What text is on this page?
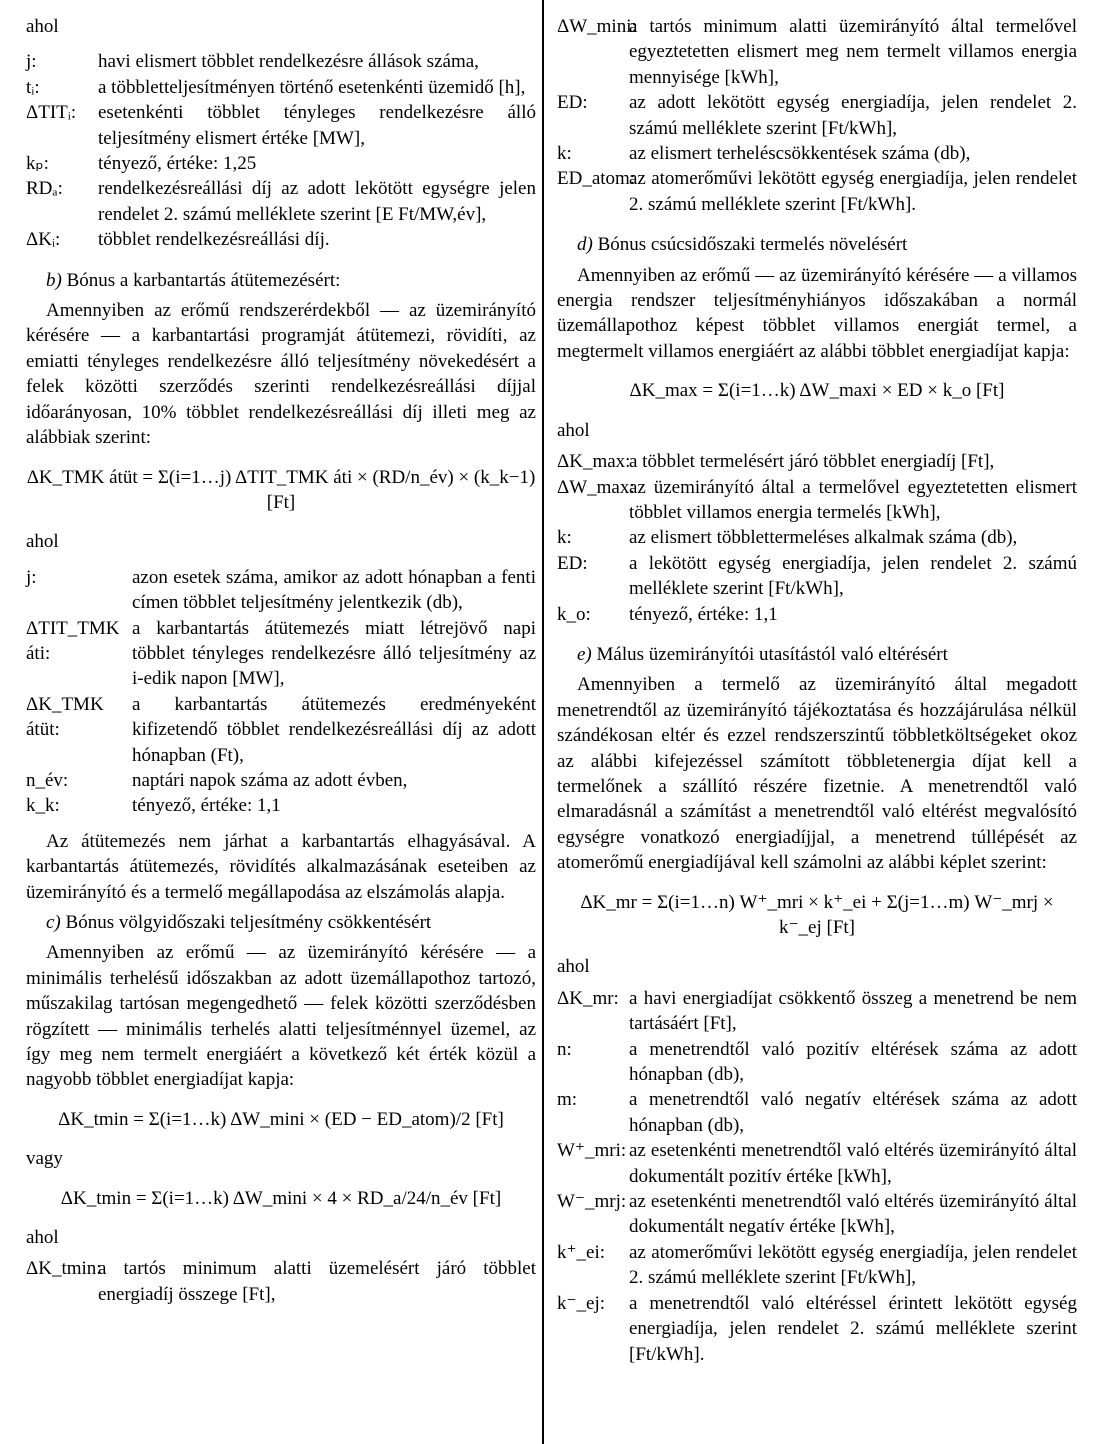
ahol

j:	havi elismert többlet rendelkezésre állások száma,
tᵢ:	a többletteljesítményen történő esetenkénti üzemidő [h],
ΔTITᵢ:	esetenkénti többlet tényleges rendelkezésre álló teljesítmény elismert értéke [MW],
kₚ:	tényező, értéke: 1,25
RDₐ:	rendelkezésreállási díj az adott lekötött egységre jelen rendelet 2. számú melléklete szerint [E Ft/MW,év],
ΔKᵢ:	többlet rendelkezésreállási díj.

b) Bónus a karbantartás átütemezésért:

Amennyiben az erőmű rendszerérdekből — az üzemirányító kérésére — a karbantartási programját átütemezi, rövidíti, az emiatti tényleges rendelkezésre álló teljesítmény növekedésért a felek közötti szerződés szerinti rendelkezésreállási díjjal időarányosan, 10% többlet rendelkezésreállási díj illeti meg az alábbiak szerint:

ΔK_TMK átüt = Σ(i=1…j) ΔTIT_TMK áti × (RD/n_év) × (k_k−1) [Ft]

ahol

j:	azon esetek száma, amikor az adott hónapban a fenti címen többlet teljesítmény jelentkezik (db),
ΔTIT_TMK áti:
a karbantartás átütemezés miatt létrejövő napi többlet tényleges rendelkezésre álló teljesítmény az i-edik napon [MW],
ΔK_TMK átüt:
a karbantartás átütemezés eredményeként kifizetendő többlet rendelkezésreállási díj az adott hónapban (Ft),
n_év:	naptári napok száma az adott évben,
k_k:	tényező, értéke: 1,1

Az átütemezés nem járhat a karbantartás elhagyásával. A karbantartás átütemezés, rövidítés alkalmazásának eseteiben az üzemirányító és a termelő megállapodása az elszámolás alapja.

c) Bónus völgyidőszaki teljesítmény csökkentésért

Amennyiben az erőmű — az üzemirányító kérésére — a minimális terhelésű időszakban az adott üzemállapothoz tartozó, műszakilag tartósan megengedhető — felek közötti szerződésben rögzített — minimális terhelés alatti teljesítménnyel üzemel, az így meg nem termelt energiáért a következő két érték közül a nagyobb többlet energiadíjat kapja:

ΔK_tmin = Σ(i=1…k) ΔW_mini × (ED − ED_atom)/2 [Ft]

vagy

ΔK_tmin = Σ(i=1…k) ΔW_mini × 4 × RD_a/24/n_év [Ft]

ahol

ΔK_tmin:
a tartós minimum alatti üzemelésért járó többlet energiadíj összege [Ft],
ΔW_mini:
a tartós minimum alatti üzemirányító által termelővel egyeztetetten elismert meg nem termelt villamos energia mennyisége [kWh],
ED:	az adott lekötött egység energiadíja, jelen rendelet 2. számú melléklete szerint [Ft/kWh],
k:	az elismert terheléscsökkentések száma (db),
ED_atom:
az atomerőművi lekötött egység energiadíja, jelen rendelet 2. számú melléklete szerint [Ft/kWh].

d) Bónus csúcsidőszaki termelés növelésért

Amennyiben az erőmű — az üzemirányító kérésére — a villamos energia rendszer teljesítményhiányos időszakában a normál üzemállapothoz képest többlet villamos energiát termel, a megtermelt villamos energiáért az alábbi többlet energiadíjat kapja:

ΔK_max = Σ(i=1…k) ΔW_maxi × ED × k_o [Ft]

ahol

ΔK_max:
a többlet termelésért járó többlet energiadíj [Ft],
ΔW_max:
az üzemirányító által a termelővel egyeztetetten elismert többlet villamos energia termelés [kWh],
k:	az elismert többlettermeléses alkalmak száma (db),
ED:	a lekötött egység energiadíja, jelen rendelet 2. számú melléklete szerint [Ft/kWh],
k_o:	tényező, értéke: 1,1

e) Málus üzemirányítói utasítástól való eltérésért

Amennyiben a termelő az üzemirányító által megadott menetrendtől az üzemirányító tájékoztatása és hozzájárulása nélkül szándékosan eltér és ezzel rendszerszintű többletköltségeket okoz az alábbi kifejezéssel számított többletenergia díjat kell a termelőnek a szállító részére fizetnie. A menetrendtől való elmaradásnál a számítást a menetrendtől való eltérést megvalósító egységre vonatkozó energiadíjjal, a menetrend túllépését az atomerőmű energiadíjával kell számolni az alábbi képlet szerint:

ΔK_mr = Σ(i=1…n) W⁺_mri × k⁺_ei + Σ(j=1…m) W⁻_mrj × k⁻_ej [Ft]

ahol

ΔK_mr: a havi energiadíjat csökkentő összeg a menetrend be nem tartásáért [Ft],
n:	a menetrendtől való pozitív eltérések száma az adott hónapban (db),
m:	a menetrendtől való negatív eltérések száma az adott hónapban (db),
W⁺_mri: az esetenkénti menetrendtől való eltérés üzemirányító által dokumentált pozitív értéke [kWh],
W⁻_mrj: az esetenkénti menetrendtől való eltérés üzemirányító által dokumentált negatív értéke [kWh],
k⁺_ei:	az atomerőművi lekötött egység energiadíja, jelen rendelet 2. számú melléklete szerint [Ft/kWh],
k⁻_ej:	a menetrendtől való eltéréssel érintett lekötött egység energiadíja, jelen rendelet 2. számú melléklete szerint [Ft/kWh].
